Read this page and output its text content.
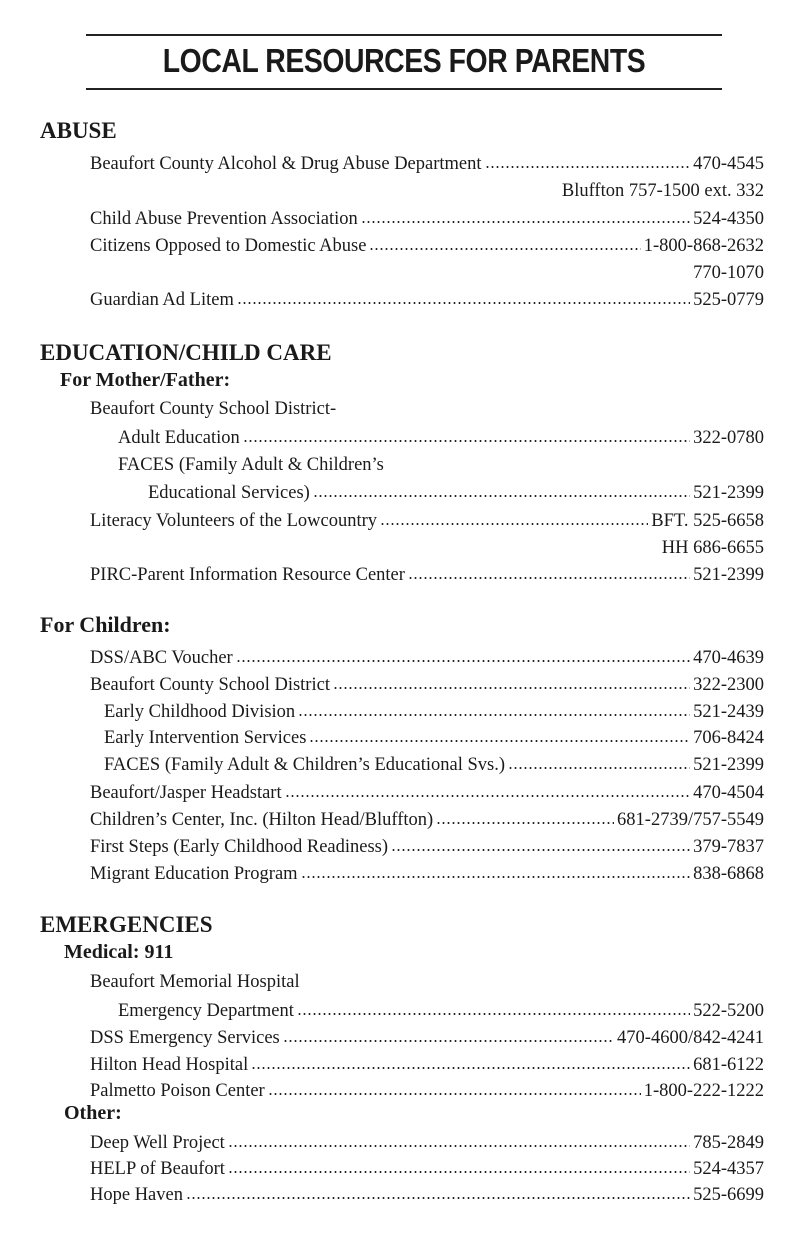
LOCAL RESOURCES FOR PARENTS
ABUSE
Beaufort County Alcohol & Drug Abuse Department	470-4545
Bluffton 757-1500 ext. 332
Child Abuse Prevention Association	524-4350
Citizens Opposed to Domestic Abuse	1-800-868-2632
770-1070
Guardian Ad Litem	525-0779
EDUCATION/CHILD CARE
For Mother/Father:
Beaufort County School District-
Adult Education	322-0780
FACES (Family Adult & Children’s
Educational Services)	521-2399
Literacy Volunteers of the Lowcountry	BFT. 525-6658
HH 686-6655
PIRC-Parent Information Resource Center	521-2399
For Children:
DSS/ABC Voucher	470-4639
Beaufort County School District	322-2300
Early Childhood Division	521-2439
Early Intervention Services	706-8424
FACES (Family Adult & Children’s Educational Svs.)	521-2399
Beaufort/Jasper Headstart	470-4504
Children’s Center, Inc. (Hilton Head/Bluffton)	681-2739/757-5549
First Steps (Early Childhood Readiness)	379-7837
Migrant Education Program	838-6868
EMERGENCIES
Medical: 911
Beaufort Memorial Hospital
Emergency Department	522-5200
DSS Emergency Services	470-4600/842-4241
Hilton Head Hospital	681-6122
Palmetto Poison Center	1-800-222-1222
Other:
Deep Well Project	785-2849
HELP of Beaufort	524-4357
Hope Haven	525-6699
